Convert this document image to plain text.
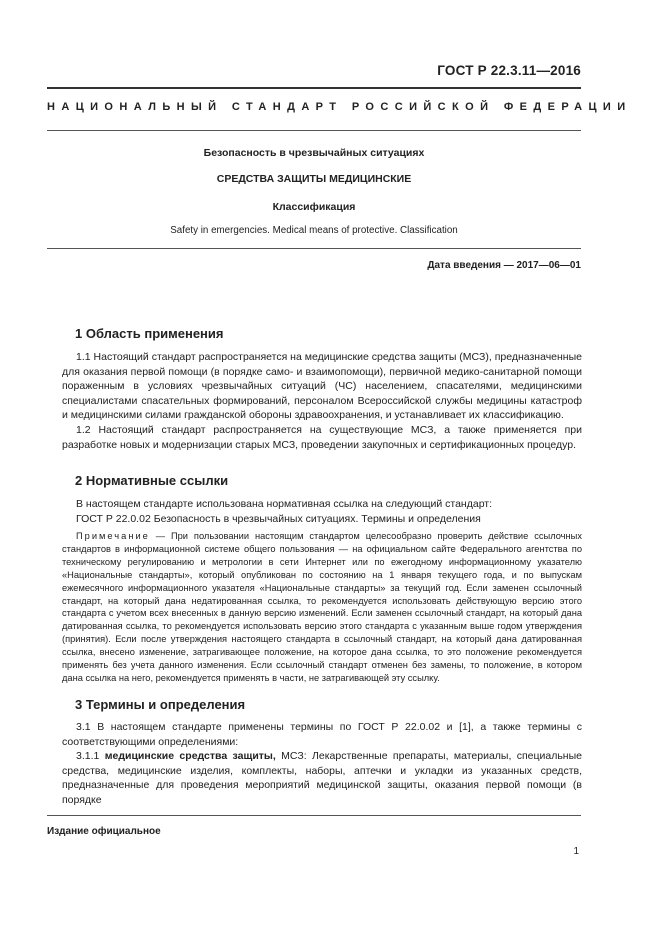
ГОСТ Р 22.3.11—2016
НАЦИОНАЛЬНЫЙ СТАНДАРТ РОССИЙСКОЙ ФЕДЕРАЦИИ
Безопасность в чрезвычайных ситуациях
СРЕДСТВА ЗАЩИТЫ МЕДИЦИНСКИЕ
Классификация
Safety in emergencies. Medical means of protective. Classification
Дата введения — 2017—06—01
1 Область применения

1.1 Настоящий стандарт распространяется на медицинские средства защиты (МСЗ), предназначенные для оказания первой помощи (в порядке само- и взаимопомощи), первичной медико-санитарной помощи пораженным в условиях чрезвычайных ситуаций (ЧС) населением, спасателями, медицинскими специалистами спасательных формирований, персоналом Всероссийской службы медицины катастроф и медицинскими силами гражданской обороны здравоохранения, и устанавливает их классификацию.

1.2 Настоящий стандарт распространяется на существующие МСЗ, а также применяется при разработке новых и модернизации старых МСЗ, проведении закупочных и сертификационных процедур.

2 Нормативные ссылки

В настоящем стандарте использована нормативная ссылка на следующий стандарт:

ГОСТ Р 22.0.02 Безопасность в чрезвычайных ситуациях. Термины и определения

Примечание — При пользовании настоящим стандартом целесообразно проверить действие ссылочных стандартов в информационной системе общего пользования — на официальном сайте Федерального агентства по техническому регулированию и метрологии в сети Интернет или по ежегодному информационному указателю «Национальные стандарты», который опубликован по состоянию на 1 января текущего года, и по выпускам ежемесячного информационного указателя «Национальные стандарты» за текущий год. Если заменен ссылочный стандарт, на который дана недатированная ссылка, то рекомендуется использовать действующую версию этого стандарта с учетом всех внесенных в данную версию изменений. Если заменен ссылочный стандарт, на который дана датированная ссылка, то рекомендуется использовать версию этого стандарта с указанным выше годом утверждения (принятия). Если после утверждения настоящего стандарта в ссылочный стандарт, на который дана датированная ссылка, внесено изменение, затрагивающее положение, на которое дана ссылка, то это положение рекомендуется применять без учета данного изменения. Если ссылочный стандарт отменен без замены, то положение, в котором дана ссылка на него, рекомендуется применять в части, не затрагивающей эту ссылку.

3 Термины и определения

3.1 В настоящем стандарте применены термины по ГОСТ Р 22.0.02 и [1], а также термины с соответствующими определениями:

3.1.1 медицинские средства защиты, МСЗ: Лекарственные препараты, материалы, специальные средства, медицинские изделия, комплекты, наборы, аптечки и укладки из указанных средств, предназначенные для проведения мероприятий медицинской защиты, оказания первой помощи (в порядке

Издание официальное
1
